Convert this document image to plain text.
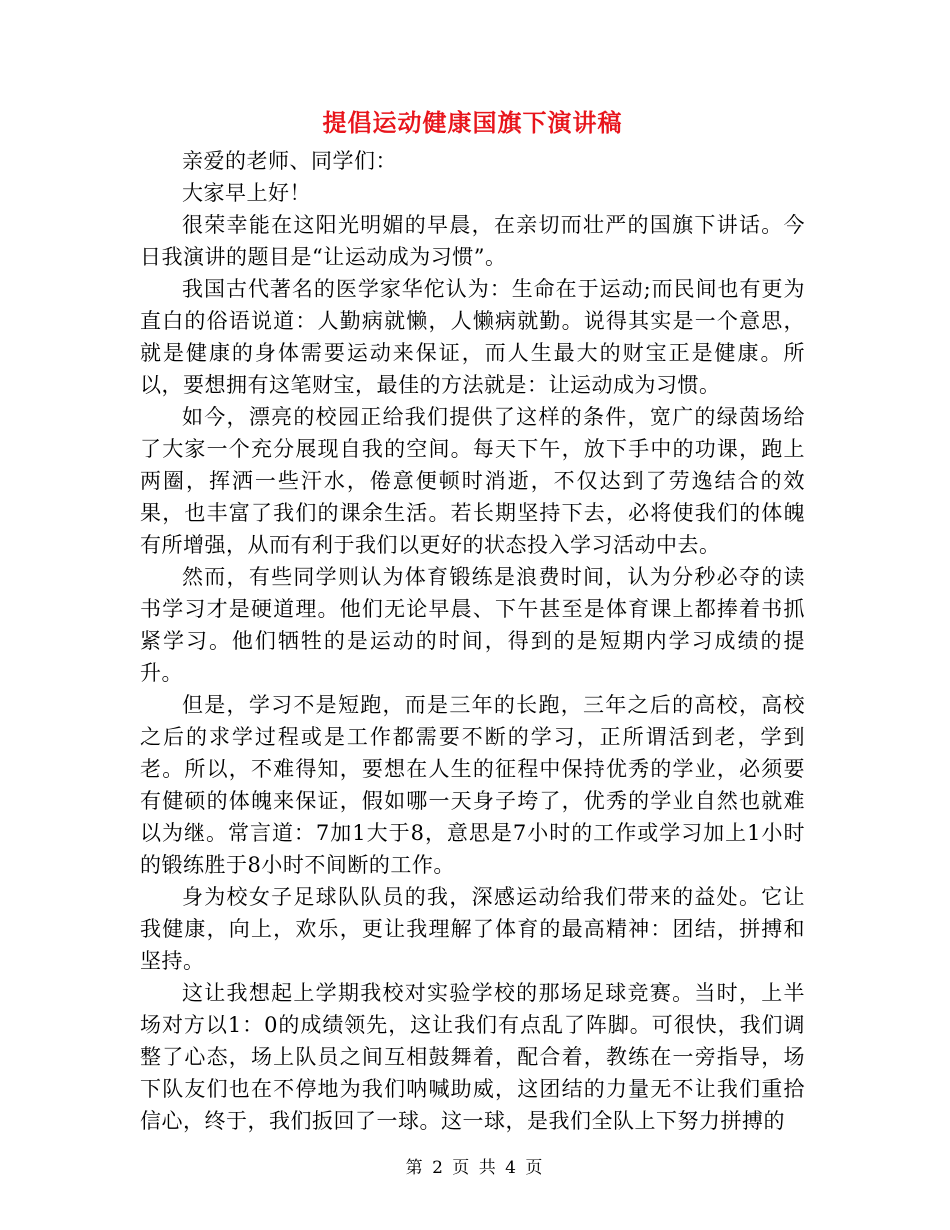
提倡运动健康国旗下演讲稿

亲爱的老师、同学们：

大家早上好！

很荣幸能在这阳光明媚的早晨，在亲切而壮严的国旗下讲话。今日我演讲的题目是“让运动成为习惯”。

我国古代著名的医学家华佗认为：生命在于运动;而民间也有更为直白的俗语说道：人勤病就懒，人懒病就勤。说得其实是一个意思，就是健康的身体需要运动来保证，而人生最大的财宝正是健康。所以，要想拥有这笔财宝，最佳的方法就是：让运动成为习惯。

如今，漂亮的校园正给我们提供了这样的条件，宽广的绿茵场给了大家一个充分展现自我的空间。每天下午，放下手中的功课，跑上两圈，挥洒一些汗水，倦意便顿时消逝，不仅达到了劳逸结合的效果，也丰富了我们的课余生活。若长期坚持下去，必将使我们的体魄有所增强，从而有利于我们以更好的状态投入学习活动中去。

然而，有些同学则认为体育锻练是浪费时间，认为分秒必夺的读书学习才是硬道理。他们无论早晨、下午甚至是体育课上都捧着书抓紧学习。他们牺牲的是运动的时间，得到的是短期内学习成绩的提升。

但是，学习不是短跑，而是三年的长跑，三年之后的高校，高校之后的求学过程或是工作都需要不断的学习，正所谓活到老，学到老。所以，不难得知，要想在人生的征程中保持优秀的学业，必须要有健硕的体魄来保证，假如哪一天身子垮了，优秀的学业自然也就难以为继。常言道：7加1大于8，意思是7小时的工作或学习加上1小时的锻练胜于8小时不间断的工作。

身为校女子足球队队员的我，深感运动给我们带来的益处。它让我健康，向上，欢乐，更让我理解了体育的最高精神：团结，拼搏和坚持。

这让我想起上学期我校对实验学校的那场足球竞赛。当时，上半场对方以1：0的成绩领先，这让我们有点乱了阵脚。可很快，我们调整了心态，场上队员之间互相鼓舞着，配合着，教练在一旁指导，场下队友们也在不停地为我们呐喊助威，这团结的力量无不让我们重拾信心，终于，我们扳回了一球。这一球，是我们全队上下努力拼搏的

第 2 页 共 4 页
